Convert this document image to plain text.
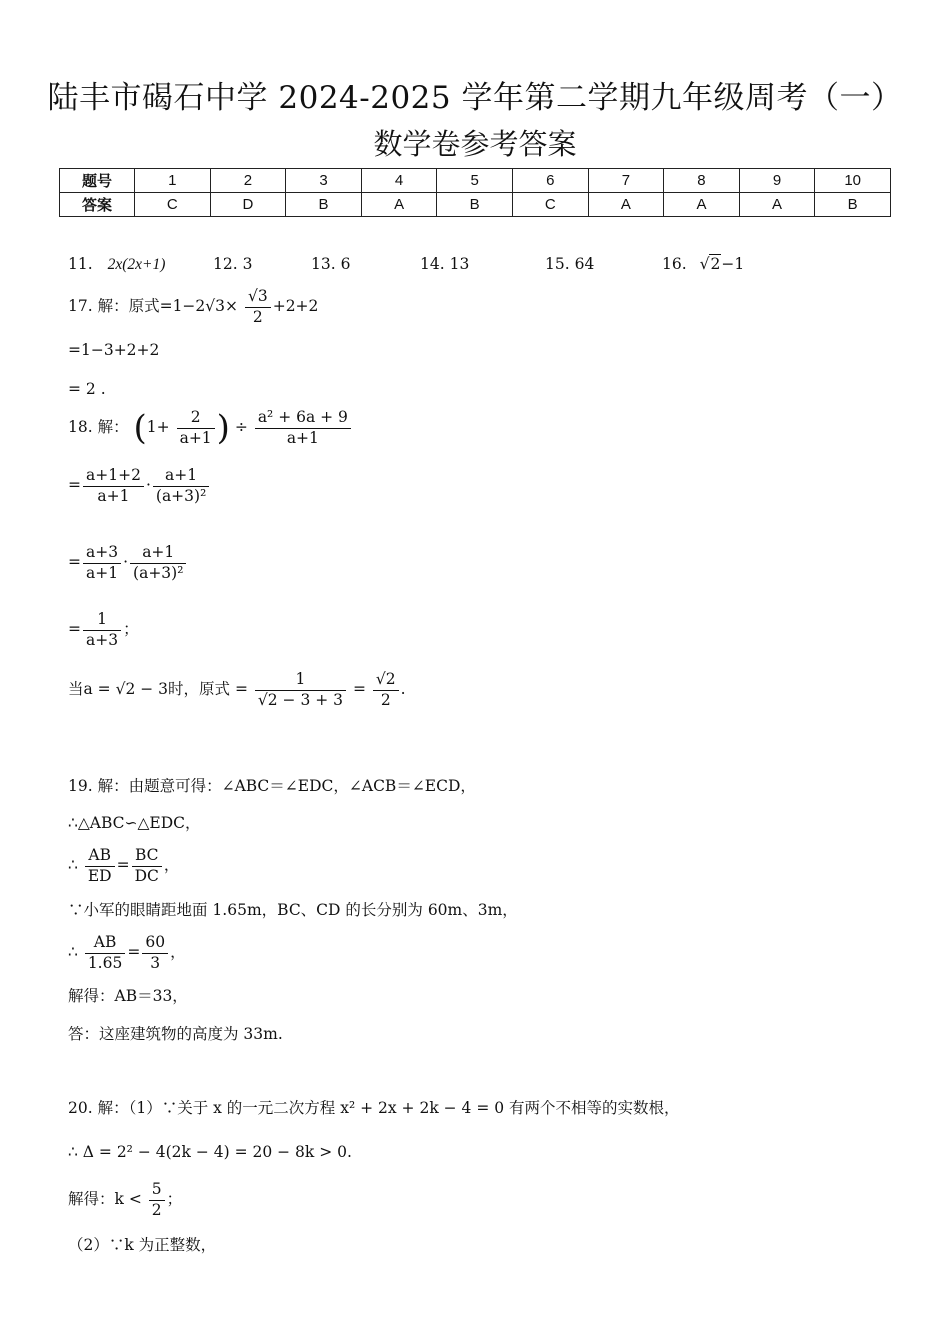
陆丰市碣石中学 2024-2025 学年第二学期九年级周考（一）
数学卷参考答案
题号	1	2	3	4	5	6	7	8	9	10
答案	C	D	B	A	B	C	A	A	A	B
11. 2x(2x+1)	12. 3	13. 6	14. 13	15. 64	16. √2−1
17. 解：原式$=1-2√3\times \frac{√3}{2} +2+2$
=1−3+2+2
= 2 .
18. 解： ($1+ \frac{2}{a+1}$ ) ÷ $\frac{\text{a² + 6a + 9}}{a+1}$
= $\frac{a+1+2}{a+1} \cdot \frac{a+1}{\text{(a+3)²}}$
= $\frac{a+3}{a+1} \cdot \frac{a+1}{\text{(a+3)²}}$
= $\frac{1}{a+3}$ ；
当a = √2 − 3时，原式 = $\frac{1}{√2 - 3 + 3} = \frac{√2}{2}$ .
19. 解：由题意可得：∠ABC＝∠EDC，∠ACB＝∠ECD，
∴△ABC∽△EDC，
∴ $\frac{AB}{ED} = \frac{BC}{DC}$ ，
∵小军的眼睛距地面 1.65m，BC、CD 的长分别为 60m、3m，
∴ $\frac{AB}{1.65} = \frac{60}{3}$ ，
解得：AB＝33，
答：这座建筑物的高度为 33m.
20. 解：（1）∵关于 x 的一元二次方程 x² + 2x + 2k − 4 = 0 有两个不相等的实数根，
∴ Δ = 2² − 4(2k − 4) = 20 − 8k > 0.
解得：$k < \frac{5}{2}$ ；
（2）∵k 为正整数，
